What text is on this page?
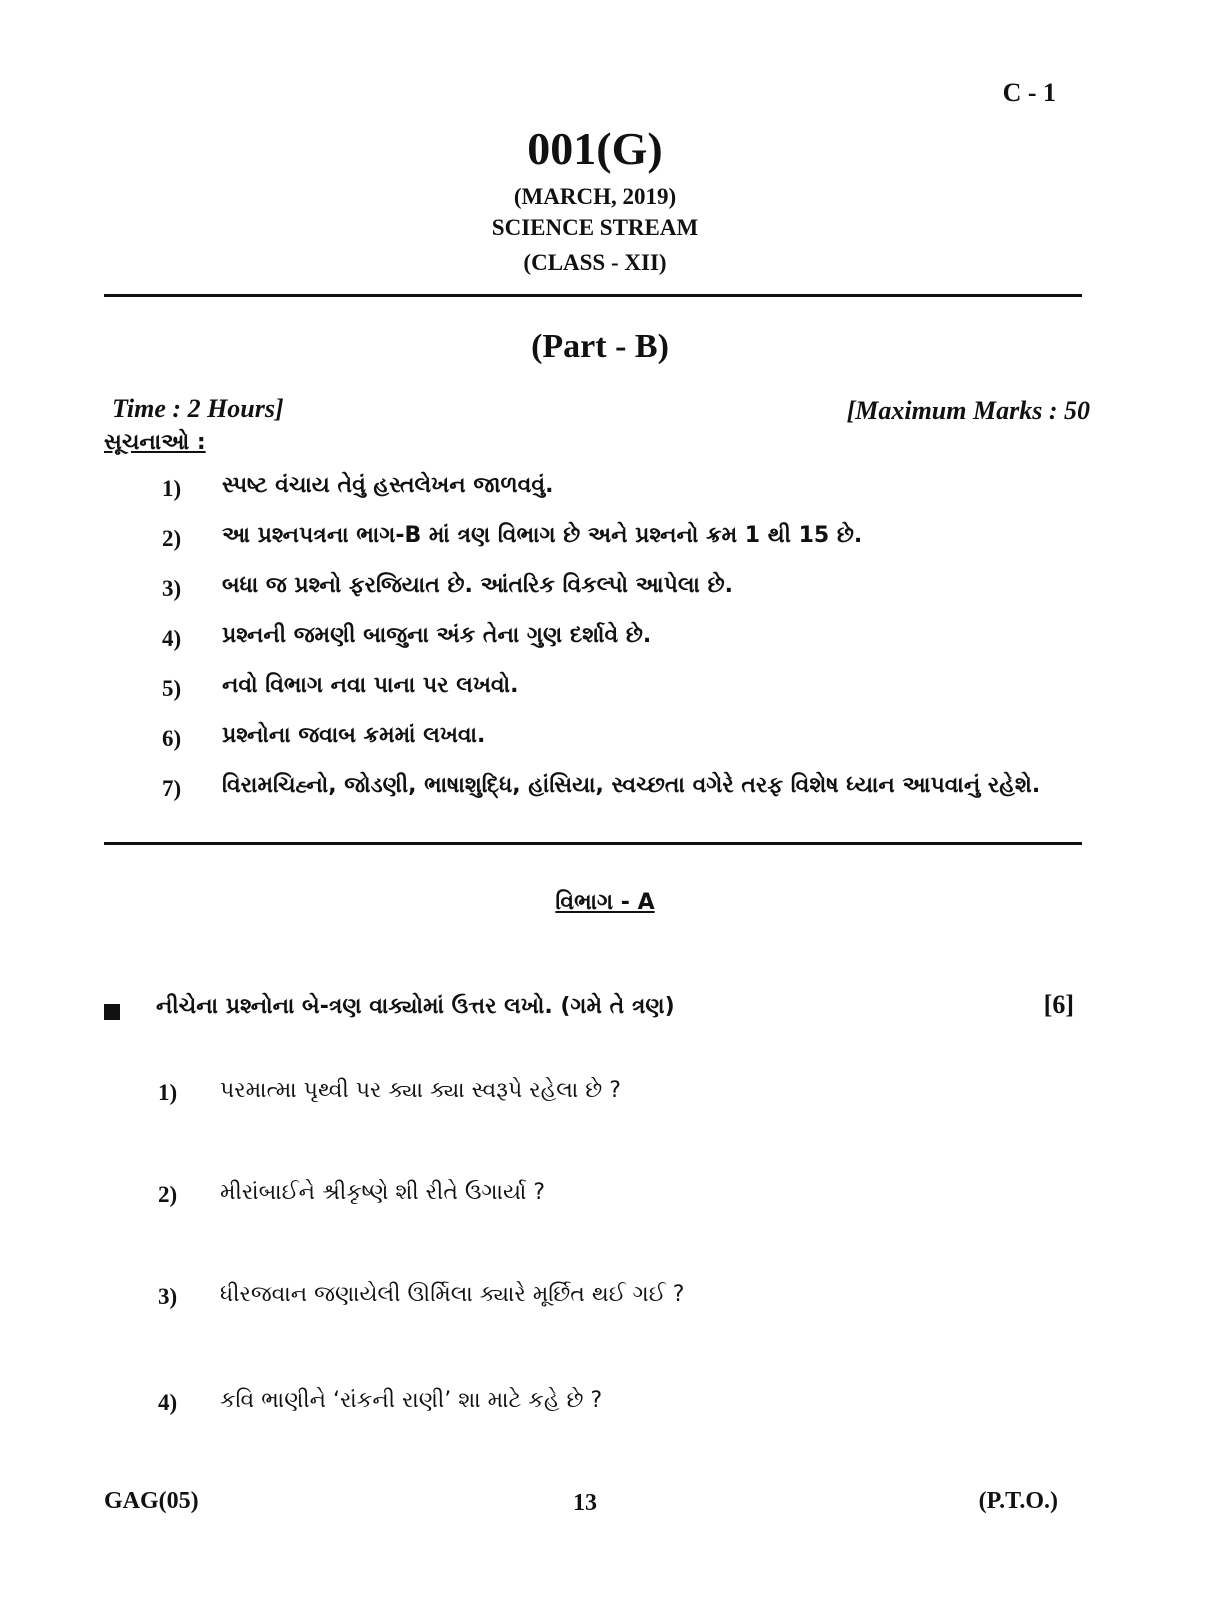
C - 1
001(G)
(MARCH, 2019)
SCIENCE STREAM
(CLASS - XII)
(Part - B)
Time : 2 Hours]	[Maximum Marks : 50
સૂચનાઓ :
1) સ્પષ્ટ વંચાય તેવું હસ્તલેખન જાળવવું.
2) આ પ્રશ્નપત્રના ભાગ-B માં ત્રણ વિભાગ છે અને પ્રશ્નનો ક્રમ 1 થી 15 છે.
3) બધા જ પ્રશ્નો ફરજિયાત છે. આંતરિક વિકલ્પો આપેલા છે.
4) પ્રશ્નની જમણી બાજુના અંક તેના ગુણ દર્શાવે છે.
5) નવો વિભાગ નવા પાના પર લખવો.
6) પ્રશ્નોના જવાબ ક્રમમાં લખવા.
7) વિરામચિહ્નો, જોડણી, ભાષાશુદ્ધિ, હાંસિયા, સ્વચ્છતા વગેરે તરફ વિશેષ ધ્યાન આપવાનું રહેશે.
વિભાગ - A
નીચેના પ્રશ્નોના બે-ત્રણ વાક્યોમાં ઉત્તર લખો. (ગમે તે ત્રણ)	[6]
1) પરમાત્મા પૃથ્વી પર ક્યા ક્યા સ્વરૂપે રહેલા છે ?
2) મીરાંબાઈને શ્રીકૃષ્ણે શી રીતે ઉગાર્યા ?
3) ધીરજવાન જણાયેલી ઊર્મિલા ક્યારે મૂર્છિત થઈ ગઈ ?
4) કવિ ભાણીને ‘રાંકની રાણી’ શા માટે કહે છે ?
GAG(05)	13	(P.T.O.)
